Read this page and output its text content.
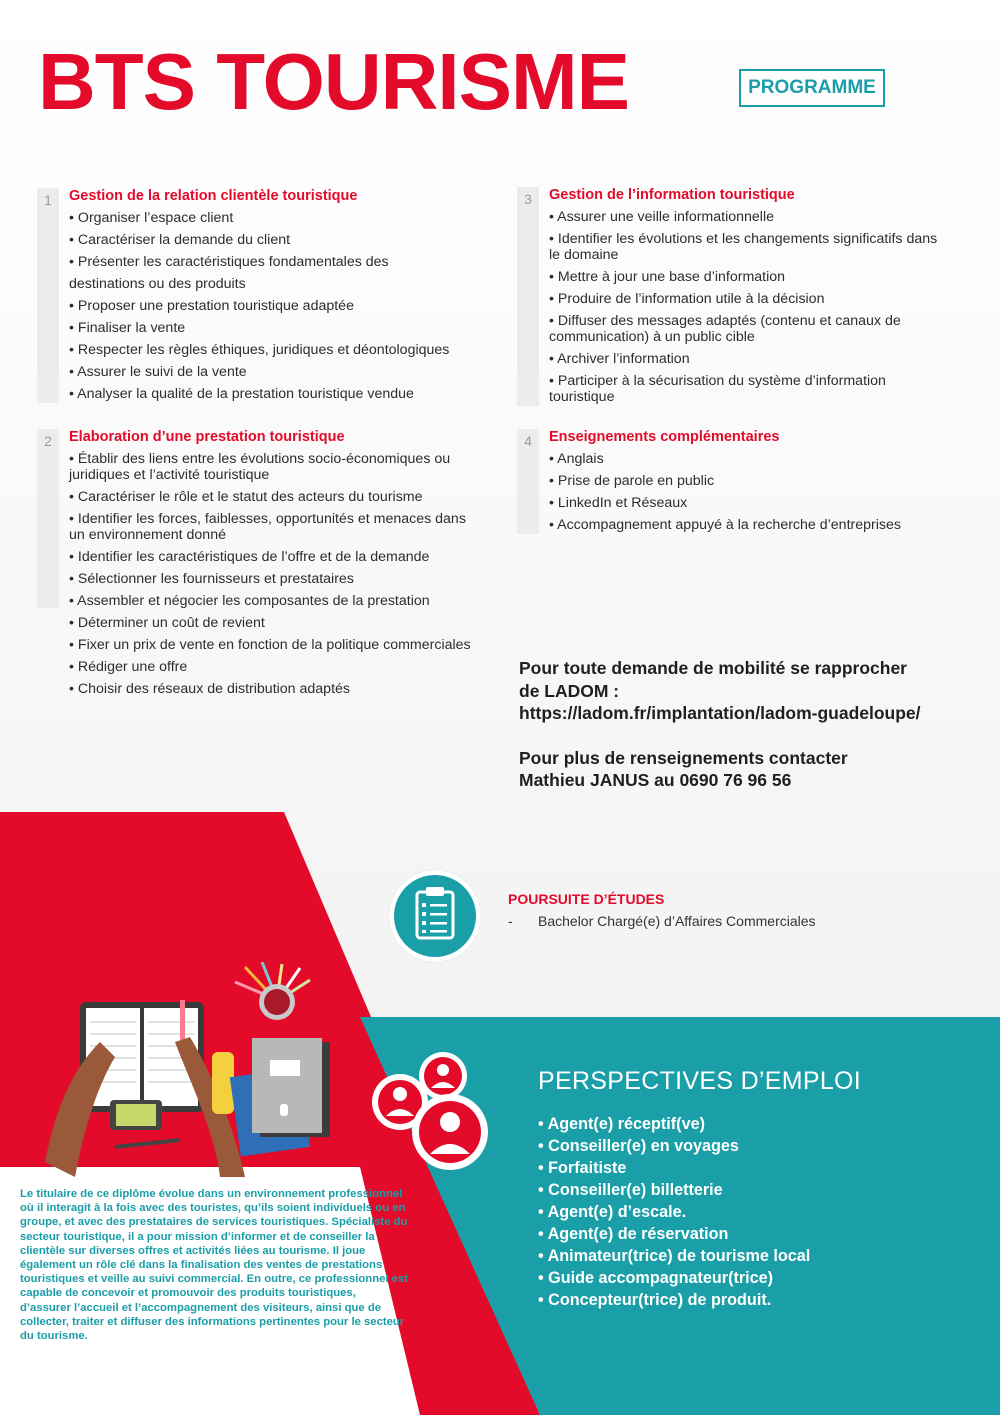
BTS TOURISME	PROGRAMME
1	Gestion de la relation clientèle touristique
• Organiser l’espace client
• Caractériser la demande du client
• Présenter les caractéristiques fondamentales des destinations ou des produits
• Proposer une prestation touristique adaptée
• Finaliser la vente
• Respecter les règles éthiques, juridiques et déontologiques
• Assurer le suivi de la vente
• Analyser la qualité de la prestation touristique vendue
2	Elaboration d’une prestation touristique
• Établir des liens entre les évolutions socio-économiques ou juridiques et l’activité touristique
• Caractériser le rôle et le statut des acteurs du tourisme
• Identifier les forces, faiblesses, opportunités et menaces dans un environnement donné
• Identifier les caractéristiques de l’offre et de la demande
• Sélectionner les fournisseurs et prestataires
• Assembler et négocier les composantes de la prestation
• Déterminer un coût de revient
• Fixer un prix de vente en fonction de la politique commerciales
• Rédiger une offre
• Choisir des réseaux de distribution adaptés
3	Gestion de l’information touristique
• Assurer une veille informationnelle
• Identifier les évolutions et les changements significatifs dans le domaine
• Mettre à jour une base d’information
• Produire de l’information utile à la décision
• Diffuser des messages adaptés (contenu et canaux de communication) à un public cible
• Archiver l’information
• Participer à la sécurisation du système d’information touristique
4	Enseignements complémentaires
• Anglais
• Prise de parole en public
• LinkedIn et Réseaux
• Accompagnement appuyé à la recherche d’entreprises

Pour toute demande de mobilité se rapprocher

de LADOM :

https://ladom.fr/implantation/ladom-guadeloupe/

Pour plus de renseignements contacter

Mathieu JANUS au 0690 76 96 56

POURSUITE D’ÉTUDES
- Bachelor Chargé(e) d’Affaires Commerciales
PERSPECTIVES D’EMPLOI
• Agent(e) réceptif(ve)
• Conseiller(e) en voyages
• Forfaitiste
• Conseiller(e) billetterie
• Agent(e) d’escale.
• Agent(e) de réservation
• Animateur(trice) de tourisme local
• Guide accompagnateur(trice)
• Concepteur(trice) de produit.

Le titulaire de ce diplôme évolue dans un environnement professionnel où il interagit à la fois avec des touristes, qu’ils soient individuels ou en groupe, et avec des prestataires de services touristiques. Spécialiste du secteur touristique, il a pour mission d’informer et de conseiller la clientèle sur diverses offres et activités liées au tourisme. Il joue également un rôle clé dans la finalisation des ventes de prestations touristiques et veille au suivi commercial. En outre, ce professionnel est capable de concevoir et promouvoir des produits touristiques, d’assurer l’accueil et l’accompagnement des visiteurs, ainsi que de collecter, traiter et diffuser des informations pertinentes pour le secteur du tourisme.
